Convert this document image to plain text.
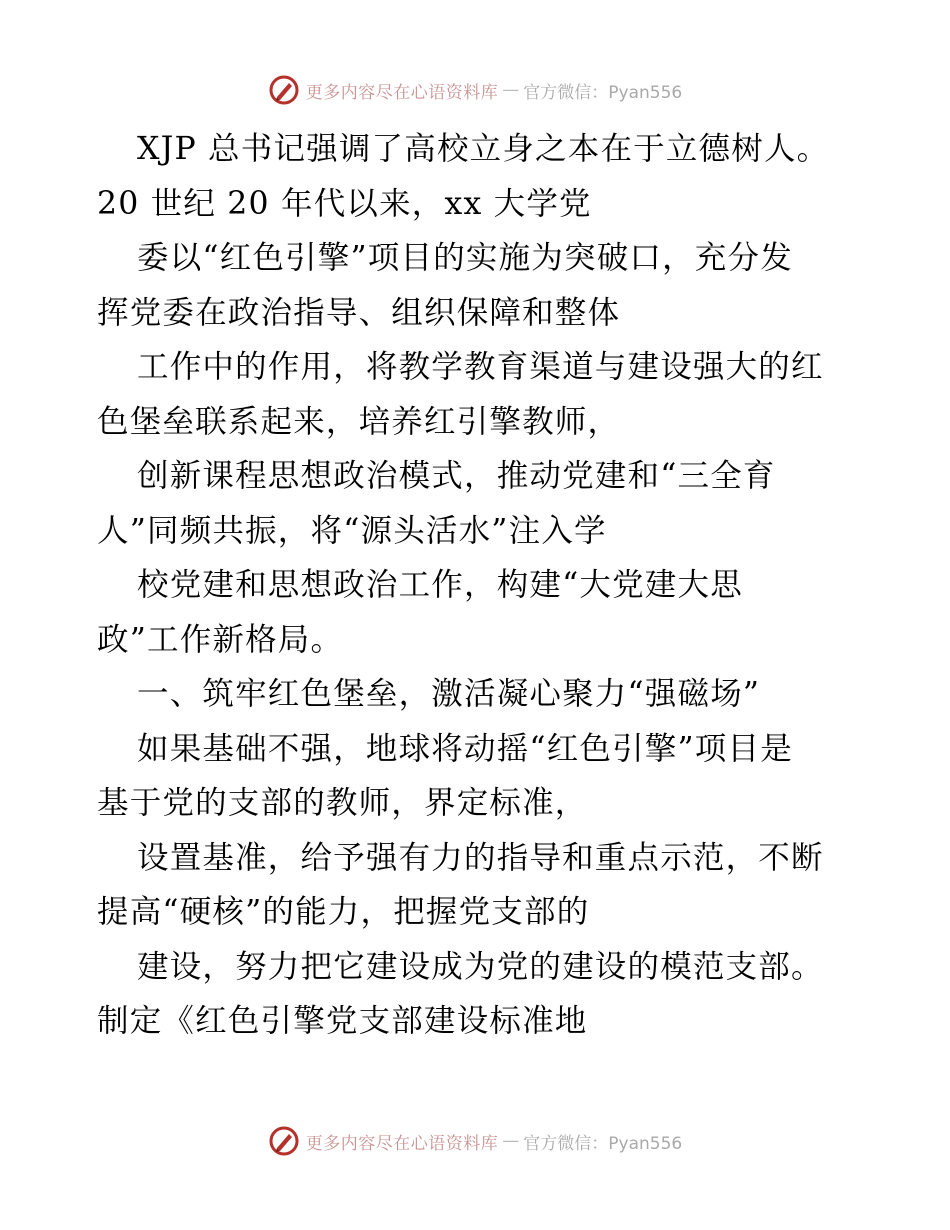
更多内容尽在心语资料库 — 官方微信：Pyan556
XJP 总书记强调了高校立身之本在于立德树人。
20 世纪 20 年代以来，xx 大学党
委以“红色引擎”项目的实施为突破口，充分发
挥党委在政治指导、组织保障和整体
工作中的作用，将教学教育渠道与建设强大的红
色堡垒联系起来，培养红引擎教师，
创新课程思想政治模式，推动党建和“三全育
人”同频共振，将“源头活水”注入学
校党建和思想政治工作，构建“大党建大思
政”工作新格局。
一、筑牢红色堡垒，激活凝心聚力“强磁场”
如果基础不强，地球将动摇“红色引擎”项目是
基于党的支部的教师，界定标准，
设置基准，给予强有力的指导和重点示范，不断
提高“硬核”的能力，把握党支部的
建设，努力把它建设成为党的建设的模范支部。
制定《红色引擎党支部建设标准地
更多内容尽在心语资料库 — 官方微信：Pyan556
